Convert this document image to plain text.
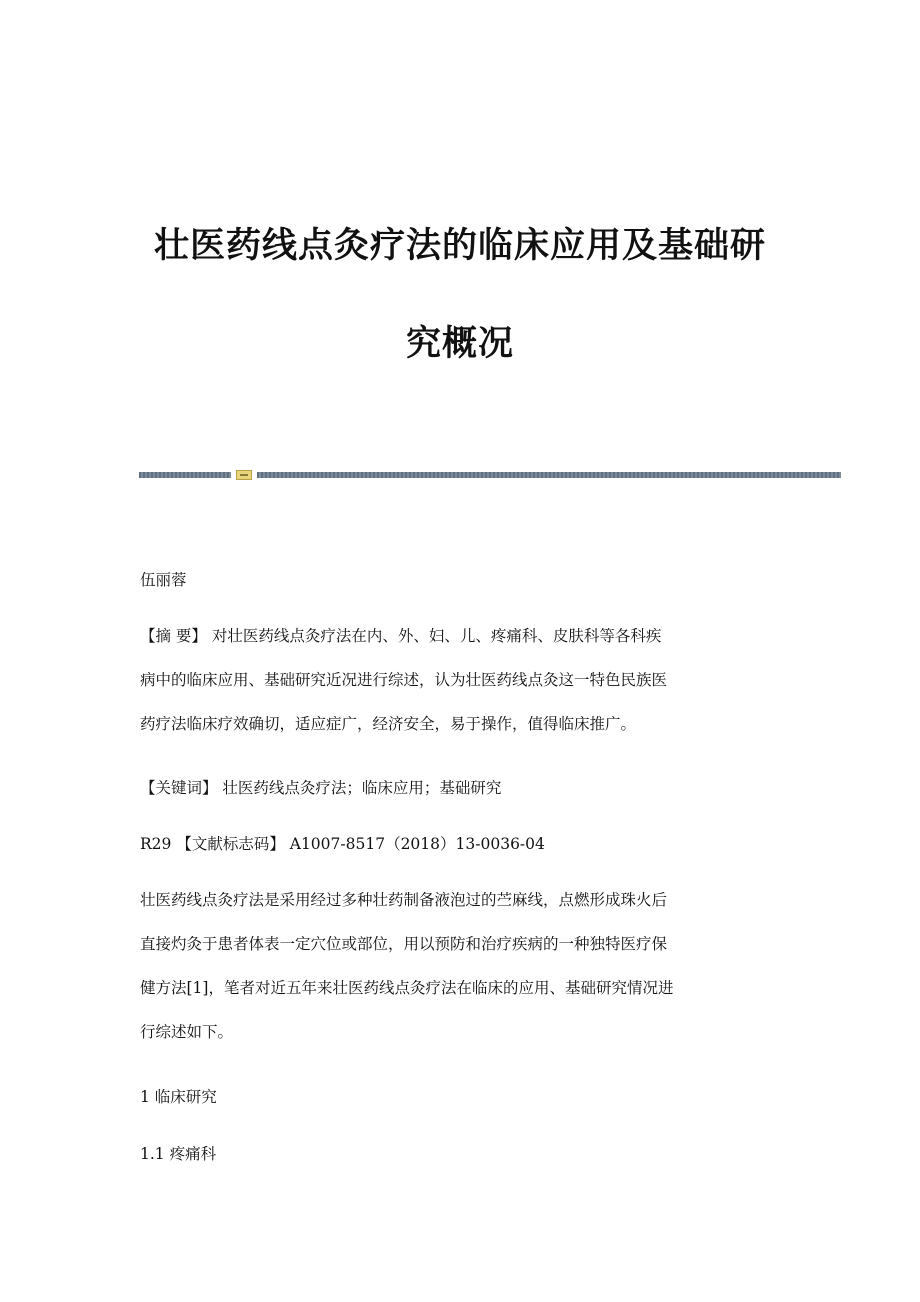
壮医药线点灸疗法的临床应用及基础研
究概况
伍丽蓉
【摘 要】 对壮医药线点灸疗法在内、外、妇、儿、疼痛科、皮肤科等各科疾
病中的临床应用、基础研究近况进行综述，认为壮医药线点灸这一特色民族医
药疗法临床疗效确切，适应症广，经济安全，易于操作，值得临床推广。
【关键词】 壮医药线点灸疗法；临床应用；基础研究
R29 【文献标志码】 A1007-8517（2018）13-0036-04
壮医药线点灸疗法是采用经过多种壮药制备液泡过的苎麻线，点燃形成珠火后
直接灼灸于患者体表一定穴位或部位，用以预防和治疗疾病的一种独特医疗保
健方法[1]，笔者对近五年来壮医药线点灸疗法在临床的应用、基础研究情况进
行综述如下。
1 临床研究
1.1 疼痛科
